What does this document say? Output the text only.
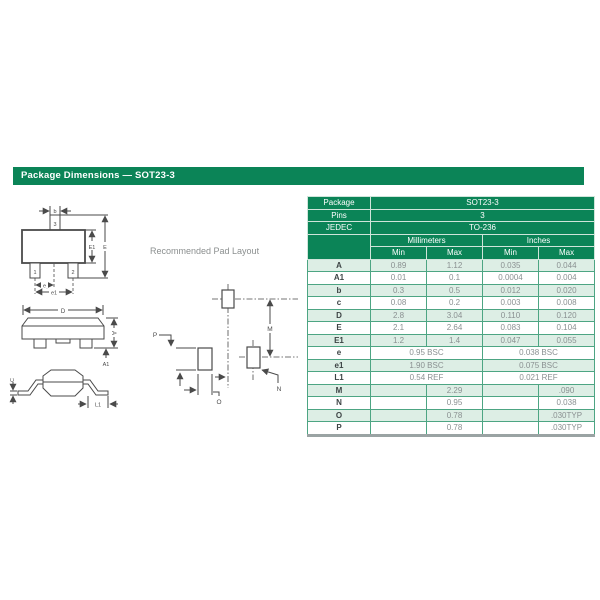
Package Dimensions — SOT23-3
Recommended Pad Layout
3
1	2
b
E1 E
e
e1
D
A
A1
C
L1
P
M
N
O
Package	SOT23-3			
Pins	3			
JEDEC	TO-236			
	Millimeters		Inches	
	Min	Max	Min	Max
A	0.89	1.12	0.035	0.044
A1	0.01	0.1	0.0004	0.004
b	0.3	0.5	0.012	0.020
c	0.08	0.2	0.003	0.008
D	2.8	3.04	0.110	0.120
E	2.1	2.64	0.083	0.104
E1	1.2	1.4	0.047	0.055
e	0.95 BSC		0.038 BSC	
e1	1.90 BSC		0.075 BSC	
L1	0.54 REF		0.021 REF	
M		2.29		.090
N		0.95		0.038
O		0.78		.030TYP
P		0.78		.030TYP
